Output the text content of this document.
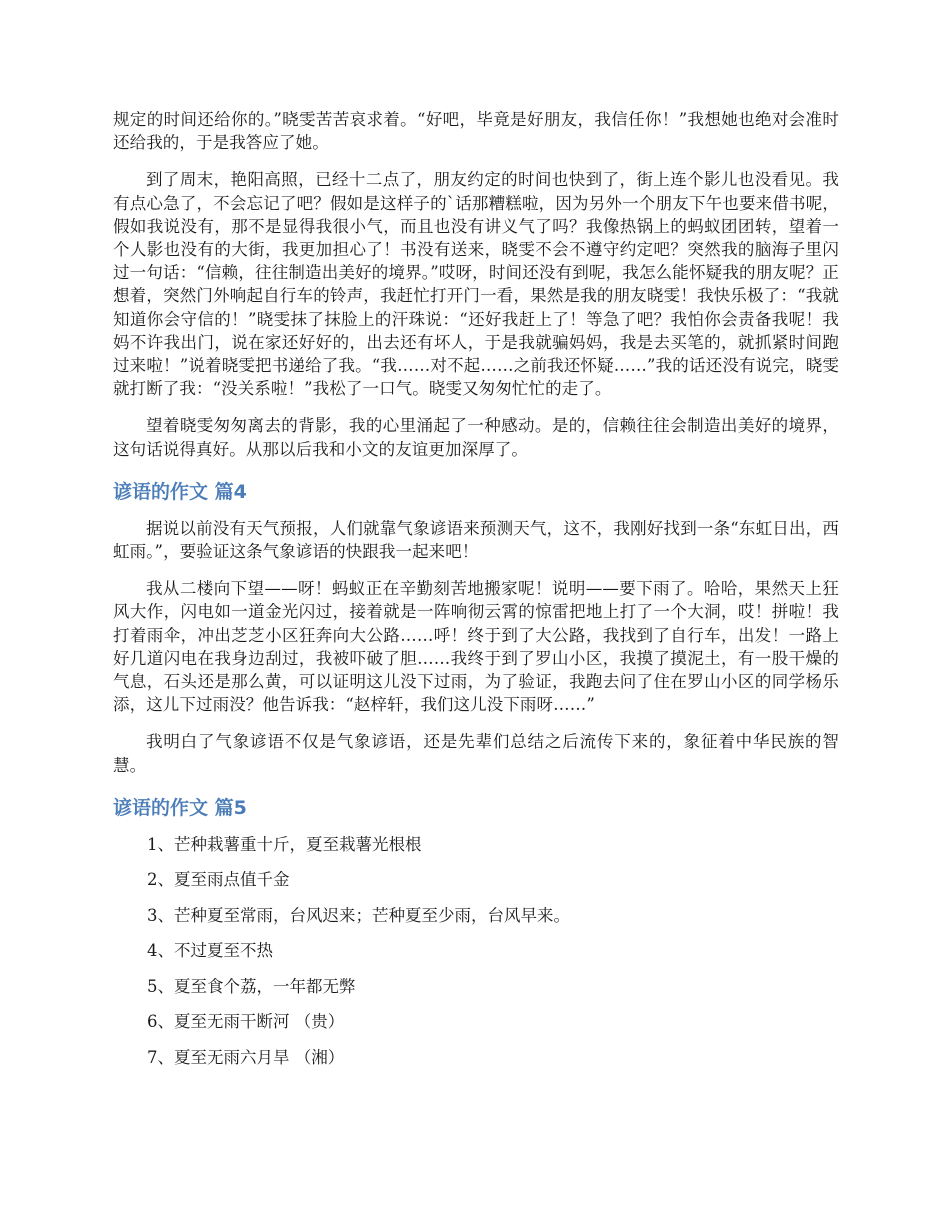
规定的时间还给你的。”晓雯苦苦哀求着。“好吧，毕竟是好朋友，我信任你！”我想她也绝对会准时还给我的，于是我答应了她。

到了周末，艳阳高照，已经十二点了，朋友约定的时间也快到了，街上连个影儿也没看见。我有点心急了，不会忘记了吧？假如是这样子的`话那糟糕啦，因为另外一个朋友下午也要来借书呢，假如我说没有，那不是显得我很小气，而且也没有讲义气了吗？我像热锅上的蚂蚁团团转，望着一个人影也没有的大街，我更加担心了！书没有送来，晓雯不会不遵守约定吧？突然我的脑海子里闪过一句话：“信赖，往往制造出美好的境界。”哎呀，时间还没有到呢，我怎么能怀疑我的朋友呢？正想着，突然门外响起自行车的铃声，我赶忙打开门一看，果然是我的朋友晓雯！我快乐极了：“我就知道你会守信的！”晓雯抹了抹脸上的汗珠说：“还好我赶上了！等急了吧？我怕你会责备我呢！我妈不许我出门，说在家还好好的，出去还有坏人，于是我就骗妈妈，我是去买笔的，就抓紧时间跑过来啦！”说着晓雯把书递给了我。“我……对不起……之前我还怀疑……”我的话还没有说完，晓雯就打断了我：“没关系啦！”我松了一口气。晓雯又匆匆忙忙的走了。

望着晓雯匆匆离去的背影，我的心里涌起了一种感动。是的，信赖往往会制造出美好的境界，这句话说得真好。从那以后我和小文的友谊更加深厚了。

谚语的作文 篇4

据说以前没有天气预报，人们就靠气象谚语来预测天气，这不，我刚好找到一条“东虹日出，西虹雨。”，要验证这条气象谚语的快跟我一起来吧！

我从二楼向下望——呀！蚂蚁正在辛勤刻苦地搬家呢！说明——要下雨了。哈哈，果然天上狂风大作，闪电如一道金光闪过，接着就是一阵响彻云霄的惊雷把地上打了一个大洞，哎！拼啦！我打着雨伞，冲出芝芝小区狂奔向大公路……呼！终于到了大公路，我找到了自行车，出发！一路上好几道闪电在我身边刮过，我被吓破了胆……我终于到了罗山小区，我摸了摸泥土，有一股干燥的气息，石头还是那么黄，可以证明这儿没下过雨，为了验证，我跑去问了住在罗山小区的同学杨乐添，这儿下过雨没？他告诉我：“赵梓轩，我们这儿没下雨呀……”

我明白了气象谚语不仅是气象谚语，还是先辈们总结之后流传下来的，象征着中华民族的智慧。

谚语的作文 篇5
1、芒种栽薯重十斤，夏至栽薯光根根
2、夏至雨点值千金
3、芒种夏至常雨，台风迟来；芒种夏至少雨，台风早来。
4、不过夏至不热
5、夏至食个荔，一年都无弊
6、夏至无雨干断河 （贵）
7、夏至无雨六月旱 （湘）
